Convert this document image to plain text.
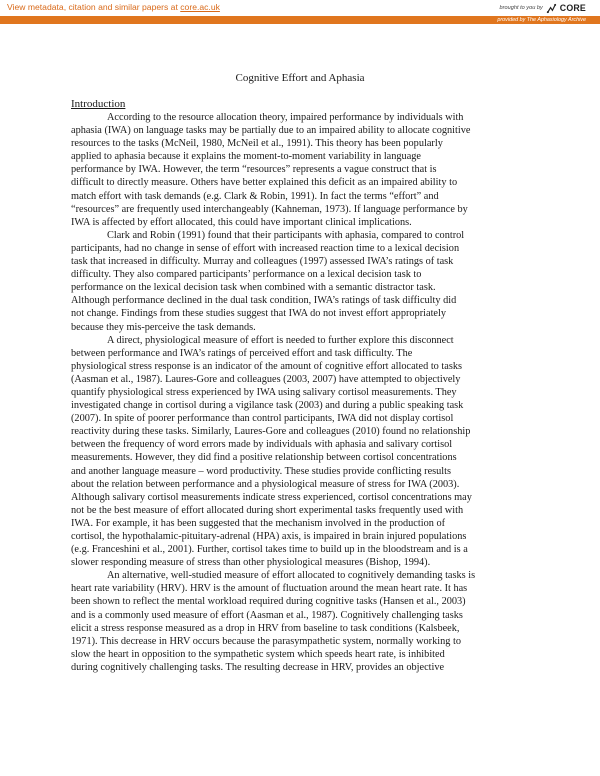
View metadata, citation and similar papers at core.ac.uk	brought to you by CORE
provided by The Aphasiology Archive
Cognitive Effort and Aphasia
Introduction
According to the resource allocation theory, impaired performance by individuals with
aphasia (IWA) on language tasks may be partially due to an impaired ability to allocate cognitive
resources to the tasks (McNeil, 1980, McNeil et al., 1991). This theory has been popularly
applied to aphasia because it explains the moment-to-moment variability in language
performance by IWA. However, the term “resources” represents a vague construct that is
difficult to directly measure. Others have better explained this deficit as an impaired ability to
match effort with task demands (e.g. Clark & Robin, 1991). In fact the terms “effort” and
“resources” are frequently used interchangeably (Kahneman, 1973). If language performance by
IWA is affected by effort allocated, this could have important clinical implications.
Clark and Robin (1991) found that their participants with aphasia, compared to control
participants, had no change in sense of effort with increased reaction time to a lexical decision
task that increased in difficulty. Murray and colleagues (1997) assessed IWA’s ratings of task
difficulty. They also compared participants’ performance on a lexical decision task to
performance on the lexical decision task when combined with a semantic distractor task.
Although performance declined in the dual task condition, IWA’s ratings of task difficulty did
not change. Findings from these studies suggest that IWA do not invest effort appropriately
because they mis-perceive the task demands.
A direct, physiological measure of effort is needed to further explore this disconnect
between performance and IWA’s ratings of perceived effort and task difficulty. The
physiological stress response is an indicator of the amount of cognitive effort allocated to tasks
(Aasman et al., 1987). Laures-Gore and colleagues (2003, 2007) have attempted to objectively
quantify physiological stress experienced by IWA using salivary cortisol measurements. They
investigated change in cortisol during a vigilance task (2003) and during a public speaking task
(2007). In spite of poorer performance than control participants, IWA did not display cortisol
reactivity during these tasks. Similarly, Laures-Gore and colleagues (2010) found no relationship
between the frequency of word errors made by individuals with aphasia and salivary cortisol
measurements. However, they did find a positive relationship between cortisol concentrations
and another language measure – word productivity. These studies provide conflicting results
about the relation between performance and a physiological measure of stress for IWA (2003).
Although salivary cortisol measurements indicate stress experienced, cortisol concentrations may
not be the best measure of effort allocated during short experimental tasks frequently used with
IWA. For example, it has been suggested that the mechanism involved in the production of
cortisol, the hypothalamic-pituitary-adrenal (HPA) axis, is impaired in brain injured populations
(e.g. Franceshini et al., 2001). Further, cortisol takes time to build up in the bloodstream and is a
slower responding measure of stress than other physiological measures (Bishop, 1994).
An alternative, well-studied measure of effort allocated to cognitively demanding tasks is
heart rate variability (HRV). HRV is the amount of fluctuation around the mean heart rate. It has
been shown to reflect the mental workload required during cognitive tasks (Hansen et al., 2003)
and is a commonly used measure of effort (Aasman et al., 1987). Cognitively challenging tasks
elicit a stress response measured as a drop in HRV from baseline to task conditions (Kalsbeek,
1971). This decrease in HRV occurs because the parasympathetic system, normally working to
slow the heart in opposition to the sympathetic system which speeds heart rate, is inhibited
during cognitively challenging tasks. The resulting decrease in HRV, provides an objective
